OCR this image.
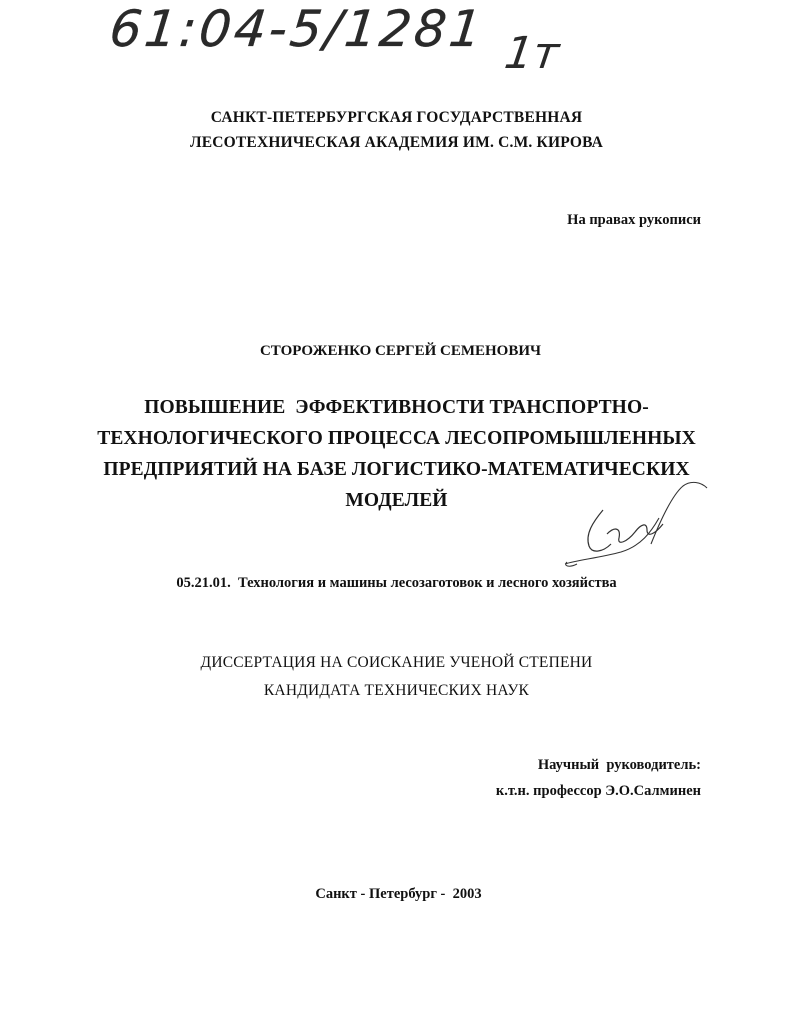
61:04-5/1281 1т
САНКТ-ПЕТЕРБУРГСКАЯ ГОСУДАРСТВЕННАЯ
ЛЕСОТЕХНИЧЕСКАЯ АКАДЕМИЯ ИМ. С.М. КИРОВА
На правах рукописи
СТОРОЖЕНКО СЕРГЕЙ СЕМЕНОВИЧ
ПОВЫШЕНИЕ  ЭФФЕКТИВНОСТИ ТРАНСПОРТНО-
ТЕХНОЛОГИЧЕСКОГО ПРОЦЕССА ЛЕСОПРОМЫШЛЕННЫХ
ПРЕДПРИЯТИЙ НА БАЗЕ ЛОГИСТИКО-МАТЕМАТИЧЕСКИХ
МОДЕЛЕЙ
05.21.01.  Технология и машины лесозаготовок и лесного хозяйства
ДИССЕРТАЦИЯ НА СОИСКАНИЕ УЧЕНОЙ СТЕПЕНИ
КАНДИДАТА ТЕХНИЧЕСКИХ НАУК
Научный  руководитель:
к.т.н. профессор Э.О.Салминен
Санкт - Петербург -  2003
